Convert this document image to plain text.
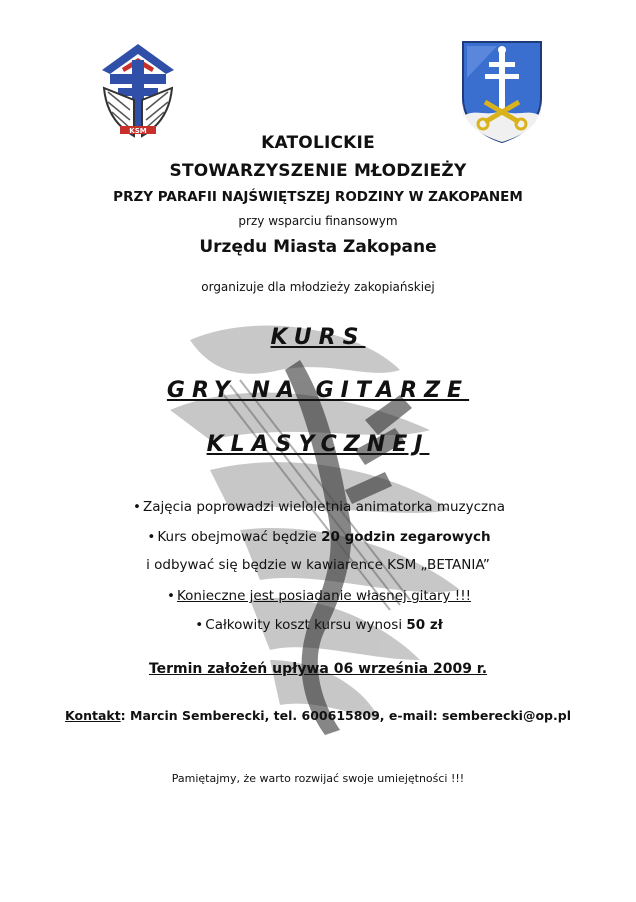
KSM
KATOLICKIE
STOWARZYSZENIE MŁODZIEŻY
PRZY PARAFII NAJŚWIĘTSZEJ RODZINY W ZAKOPANEM
przy wsparciu finansowym
Urzędu Miasta Zakopane
organizuje dla młodzieży zakopiańskiej
KURS
GRY NA GITARZE
KLASYCZNEJ
• Zajęcia poprowadzi wieloletnia animatorka muzyczna
• Kurs obejmować będzie 20 godzin zegarowych
i odbywać się będzie w kawiarence KSM „BETANIA”
• Konieczne jest posiadanie własnej gitary !!!
• Całkowity koszt kursu wynosi 50 zł
Termin założeń upływa 06 września 2009 r.
Kontakt: Marcin Semberecki, tel. 600615809, e-mail: semberecki@op.pl
Pamiętajmy, że warto rozwijać swoje umiejętności !!!
